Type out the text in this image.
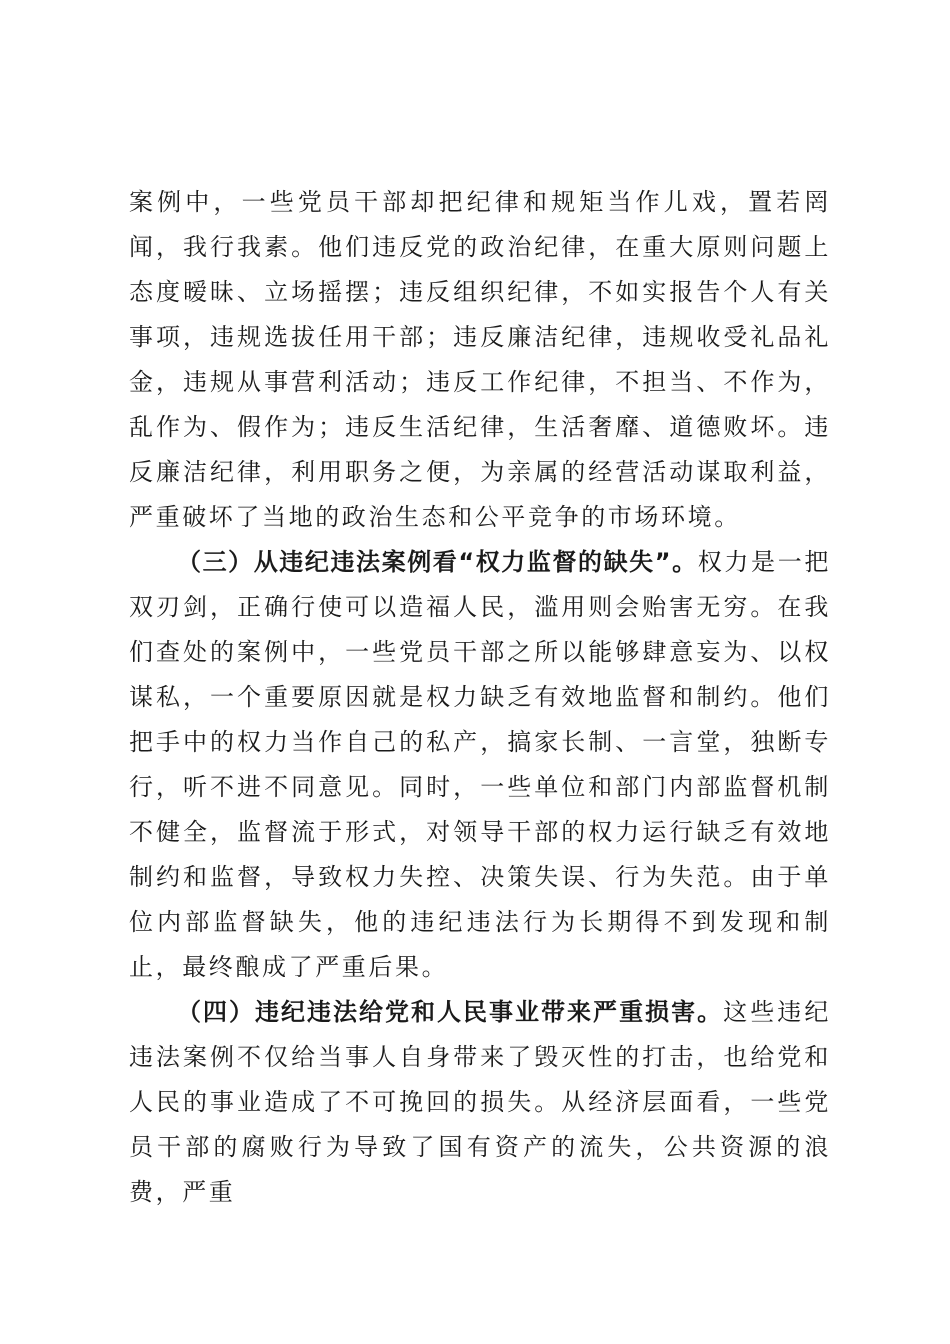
案例中，一些党员干部却把纪律和规矩当作儿戏，置若罔闻，我行我素。他们违反党的政治纪律，在重大原则问题上态度暧昧、立场摇摆；违反组织纪律，不如实报告个人有关事项，违规选拔任用干部；违反廉洁纪律，违规收受礼品礼金，违规从事营利活动；违反工作纪律，不担当、不作为，乱作为、假作为；违反生活纪律，生活奢靡、道德败坏。违反廉洁纪律，利用职务之便，为亲属的经营活动谋取利益，严重破坏了当地的政治生态和公平竞争的市场环境。

（三）从违纪违法案例看“权力监督的缺失”。权力是一把双刃剑，正确行使可以造福人民，滥用则会贻害无穷。在我们查处的案例中，一些党员干部之所以能够肆意妄为、以权谋私，一个重要原因就是权力缺乏有效地监督和制约。他们把手中的权力当作自己的私产，搞家长制、一言堂，独断专行，听不进不同意见。同时，一些单位和部门内部监督机制不健全，监督流于形式，对领导干部的权力运行缺乏有效地制约和监督，导致权力失控、决策失误、行为失范。由于单位内部监督缺失，他的违纪违法行为长期得不到发现和制止，最终酿成了严重后果。

（四）违纪违法给党和人民事业带来严重损害。这些违纪违法案例不仅给当事人自身带来了毁灭性的打击，也给党和人民的事业造成了不可挽回的损失。从经济层面看，一些党员干部的腐败行为导致了国有资产的流失，公共资源的浪费，严重
